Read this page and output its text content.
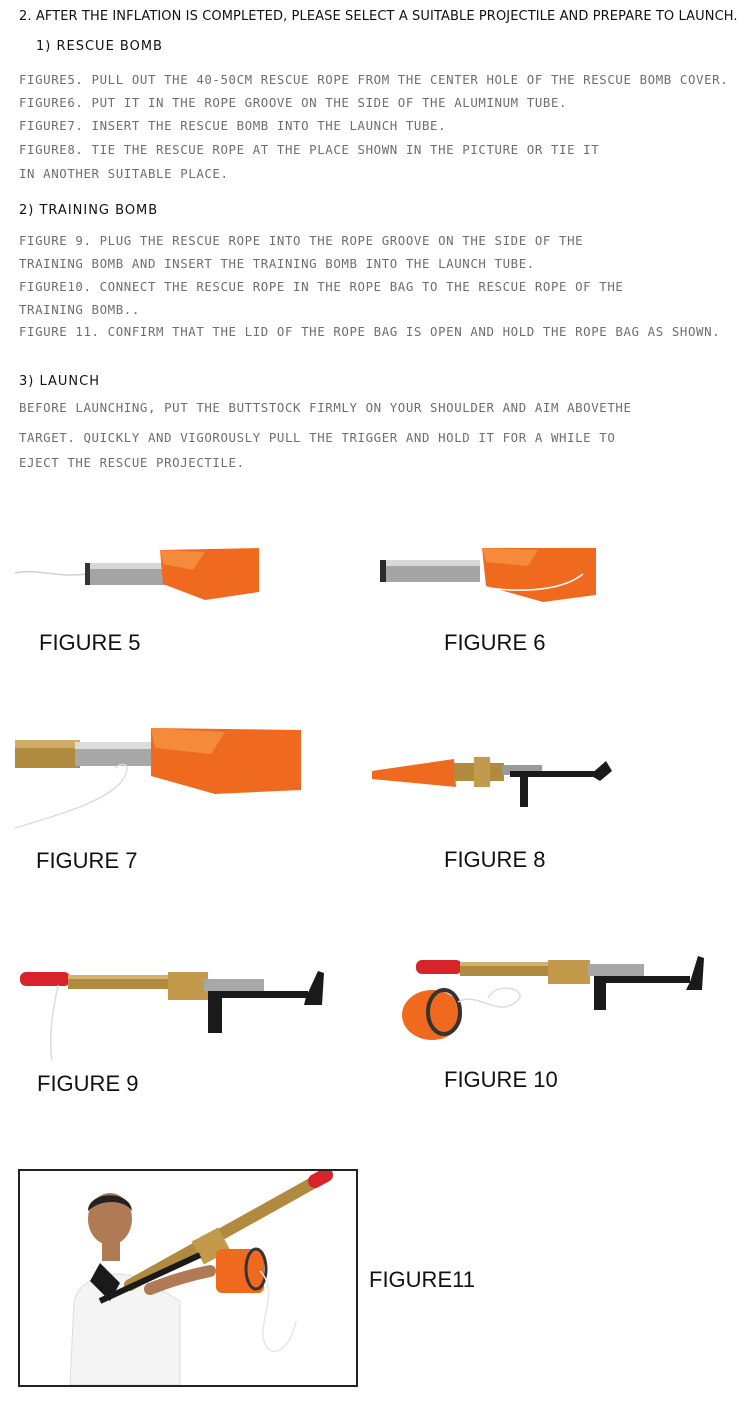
2. AFTER THE INFLATION IS COMPLETED, PLEASE SELECT A SUITABLE PROJECTILE AND PREPARE TO LAUNCH.
1) RESCUE BOMB
FIGURE5. PULL OUT THE 40-50CM RESCUE ROPE FROM THE CENTER HOLE OF THE RESCUE BOMB COVER.
FIGURE6. PUT IT IN THE ROPE GROOVE ON THE SIDE OF THE ALUMINUM TUBE.
FIGURE7. INSERT THE RESCUE BOMB INTO THE LAUNCH TUBE.
FIGURE8. TIE THE RESCUE ROPE AT THE PLACE SHOWN IN THE PICTURE OR TIE IT
IN ANOTHER SUITABLE PLACE.
2) TRAINING BOMB
FIGURE 9. PLUG THE RESCUE ROPE INTO THE ROPE GROOVE ON THE SIDE OF THE
TRAINING BOMB AND INSERT THE TRAINING BOMB INTO THE LAUNCH TUBE.
FIGURE10. CONNECT THE RESCUE ROPE IN THE ROPE BAG TO THE RESCUE ROPE OF THE
TRAINING BOMB..
FIGURE 11. CONFIRM THAT THE LID OF THE ROPE BAG IS OPEN AND HOLD THE ROPE BAG AS SHOWN.
3) LAUNCH
BEFORE LAUNCHING, PUT THE BUTTSTOCK FIRMLY ON YOUR SHOULDER AND AIM ABOVETHE
TARGET. QUICKLY AND VIGOROUSLY PULL THE TRIGGER AND HOLD IT FOR A WHILE TO
EJECT THE RESCUE PROJECTILE.
FIGURE 5	FIGURE 6
FIGURE 7	FIGURE 8
FIGURE 9	FIGURE 10
FIGURE11
